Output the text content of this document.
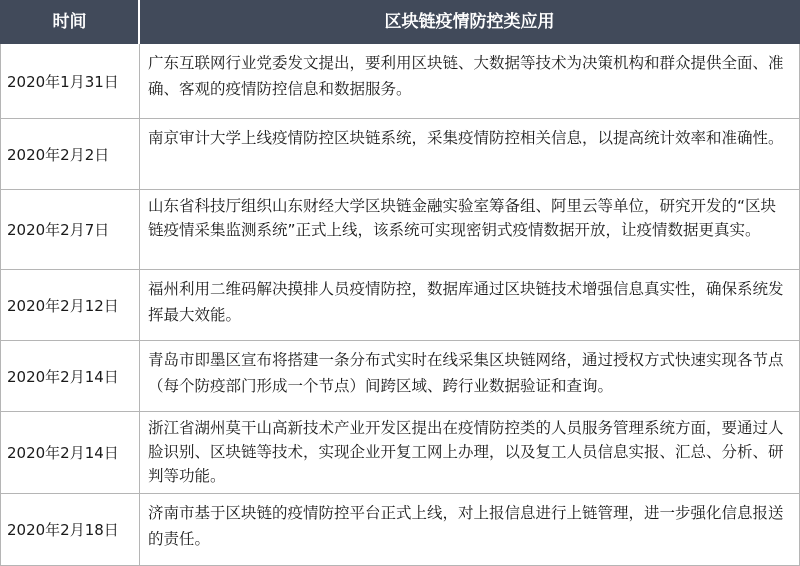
时间	区块链疫情防控类应用
2020年1月31日
广东互联网行业党委发文提出，要利用区块链、大数据等技术为决策机构和群众提供全面、准确、客观的疫情防控信息和数据服务。
2020年2月2日
南京审计大学上线疫情防控区块链系统，采集疫情防控相关信息，以提高统计效率和准确性。
2020年2月7日
山东省科技厅组织山东财经大学区块链金融实验室筹备组、阿里云等单位，研究开发的“区块链疫情采集监测系统”正式上线，该系统可实现密钥式疫情数据开放，让疫情数据更真实。
2020年2月12日
福州利用二维码解决摸排人员疫情防控，数据库通过区块链技术增强信息真实性，确保系统发挥最大效能。
2020年2月14日
青岛市即墨区宣布将搭建一条分布式实时在线采集区块链网络，通过授权方式快速实现各节点（每个防疫部门形成一个节点）间跨区域、跨行业数据验证和查询。
2020年2月14日
浙江省湖州莫干山高新技术产业开发区提出在疫情防控类的人员服务管理系统方面，要通过人脸识别、区块链等技术，实现企业开复工网上办理，以及复工人员信息实报、汇总、分析、研判等功能。
2020年2月18日
济南市基于区块链的疫情防控平台正式上线，对上报信息进行上链管理，进一步强化信息报送的责任。
